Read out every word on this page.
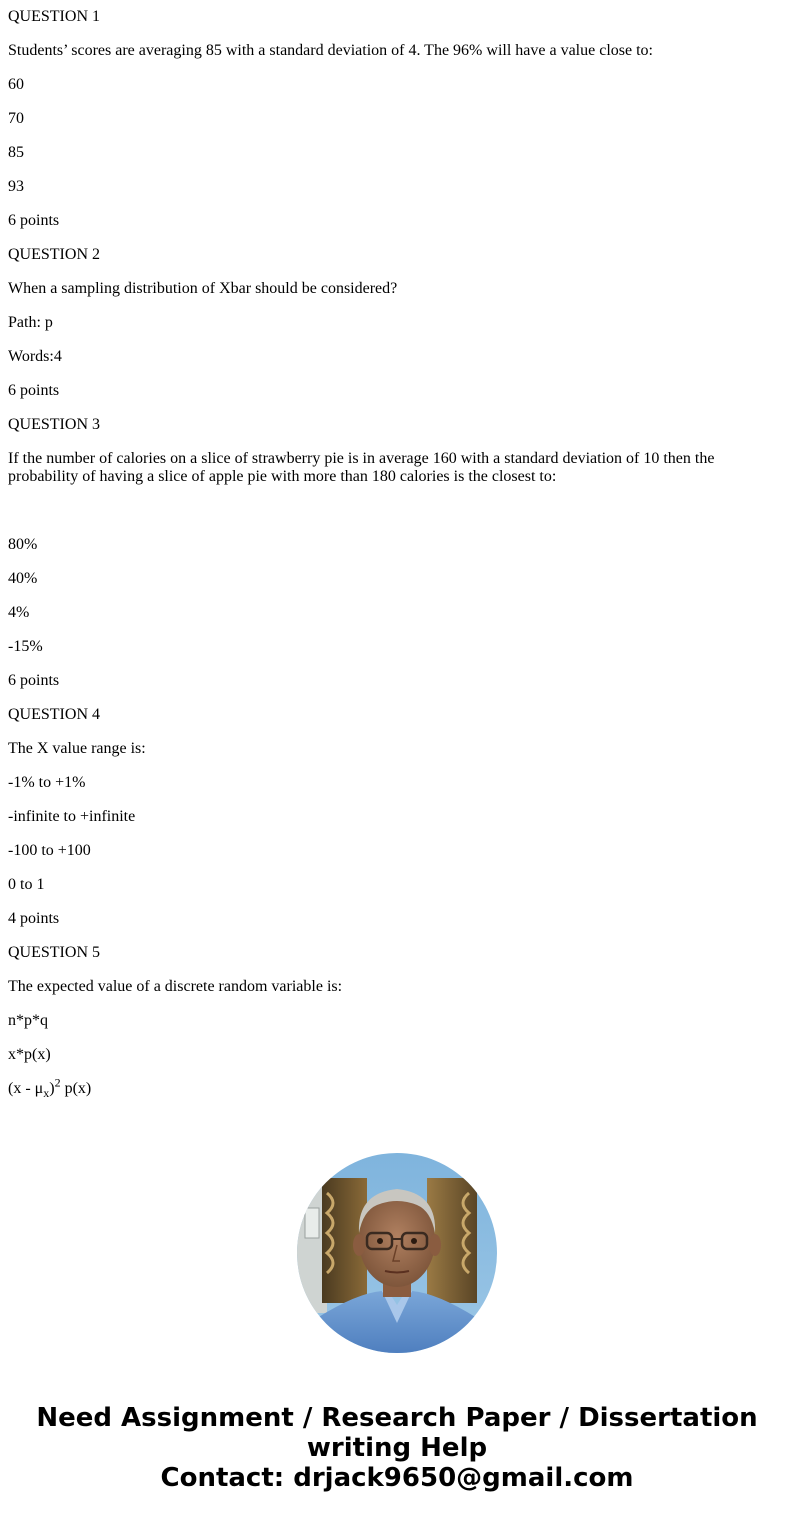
QUESTION 1

Students’ scores are averaging 85 with a standard deviation of 4. The 96% will have a value close to:

60

70

85

93

6 points

QUESTION 2

When a sampling distribution of Xbar should be considered?

Path: p

Words:4

6 points

QUESTION 3

If the number of calories on a slice of strawberry pie is in average 160 with a standard deviation of 10 then the probability of having a slice of apple pie with more than 180 calories is the closest to:

80%

40%

4%

-15%

6 points

QUESTION 4

The X value range is:

-1% to +1%

-infinite to +infinite

-100 to +100

0 to 1

4 points

QUESTION 5

The expected value of a discrete random variable is:

n*p*q

x*p(x)

$(x - \mu_x)^2$ p(x)

Need Assignment / Research Paper / Dissertation
writing Help
Contact: drjack9650@gmail.com
